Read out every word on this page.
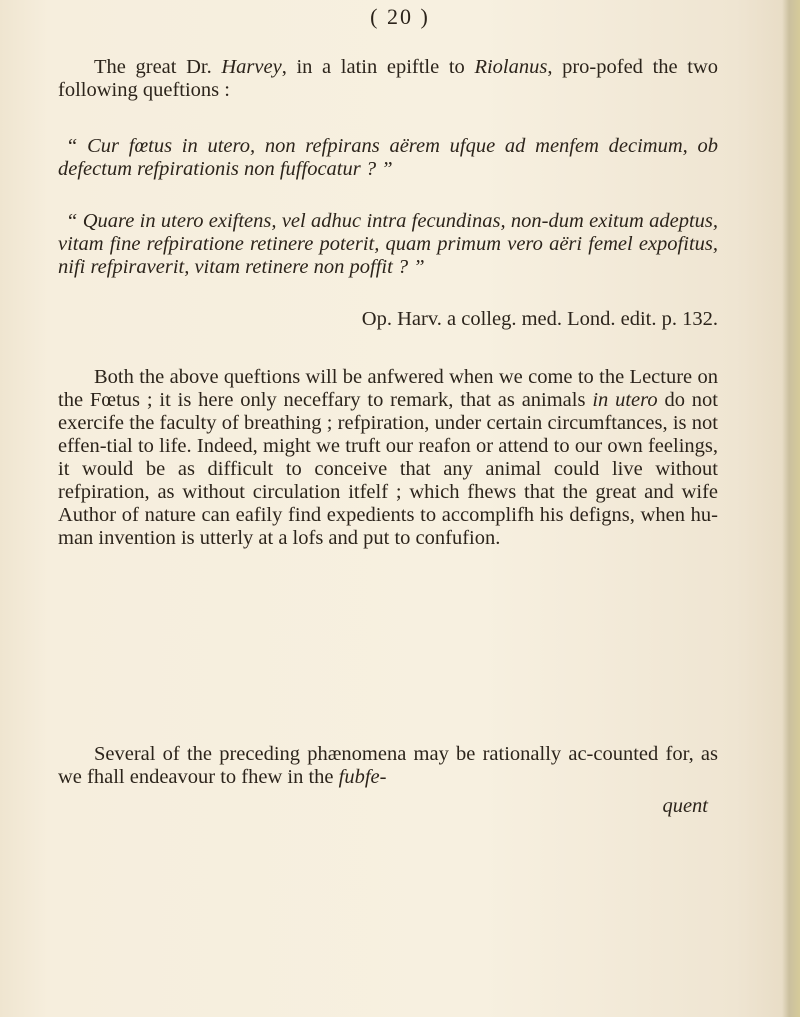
( 20 )
The great Dr. Harvey, in a latin epiftle to Riolanus, pro-pofed the two following queftions :
“ Cur fœtus in utero, non refpirans aërem ufque ad menfem decimum, ob defectum refpirationis non fuffocatur ? ”
“ Quare in utero exiftens, vel adhuc intra fecundinas, non-dum exitum adeptus, vitam fine refpiratione retinere poterit, quam primum vero aëri femel expofitus, nifi refpiraverit, vitam retinere non poffit ? ”
Op. Harv. a colleg. med. Lond. edit. p. 132.
Both the above queftions will be anfwered when we come to the Lecture on the Fœtus ; it is here only neceffary to remark, that as animals in utero do not exercife the faculty of breathing ; refpiration, under certain circumftances, is not effen-tial to life. Indeed, might we truft our reafon or attend to our own feelings, it would be as difficult to conceive that any animal could live without refpiration, as without circulation itfelf ; which fhews that the great and wife Author of nature can eafily find expedients to accomplifh his defigns, when hu-man invention is utterly at a lofs and put to confufion.
Several of the preceding phænomena may be rationally ac-counted for, as we fhall endeavour to fhew in the fubfe-
quent
